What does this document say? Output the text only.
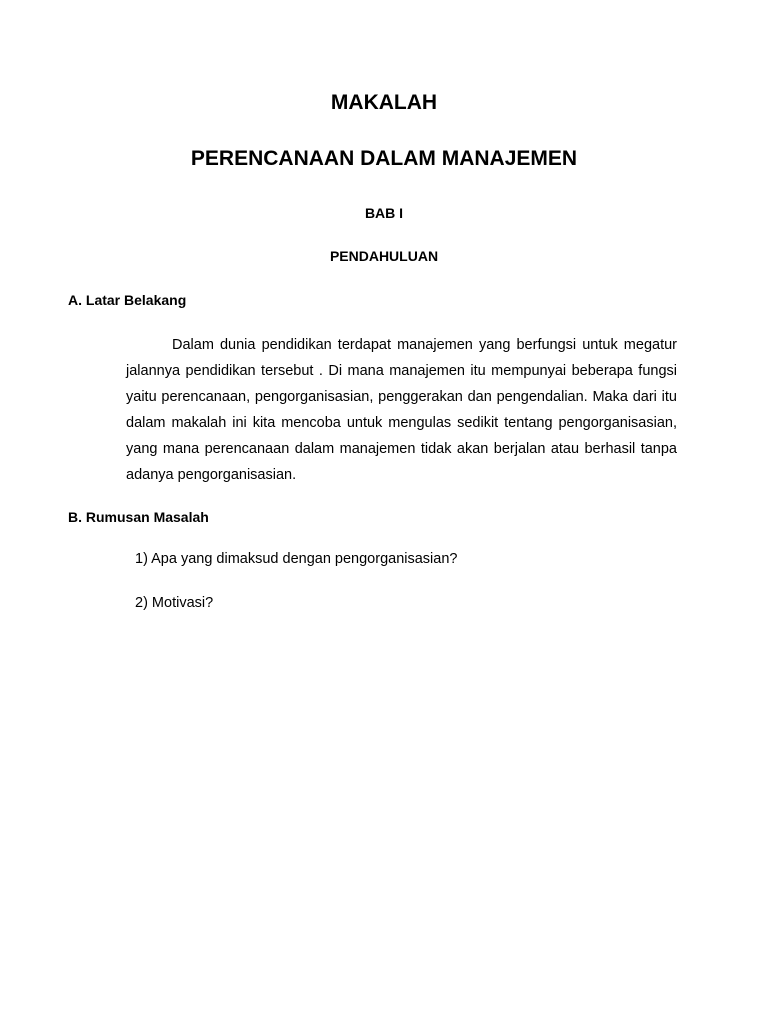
MAKALAH
PERENCANAAN DALAM MANAJEMEN
BAB I
PENDAHULUAN
A. Latar Belakang

Dalam dunia pendidikan terdapat manajemen yang berfungsi untuk megatur jalannya pendidikan tersebut . Di mana manajemen itu mempunyai beberapa fungsi yaitu perencanaan, pengorganisasian, penggerakan dan pengendalian. Maka dari itu dalam makalah ini kita mencoba untuk mengulas sedikit tentang pengorganisasian, yang mana perencanaan dalam manajemen tidak akan berjalan atau berhasil tanpa adanya pengorganisasian.

B. Rumusan Masalah

1) Apa yang dimaksud dengan pengorganisasian?

2) Motivasi?
